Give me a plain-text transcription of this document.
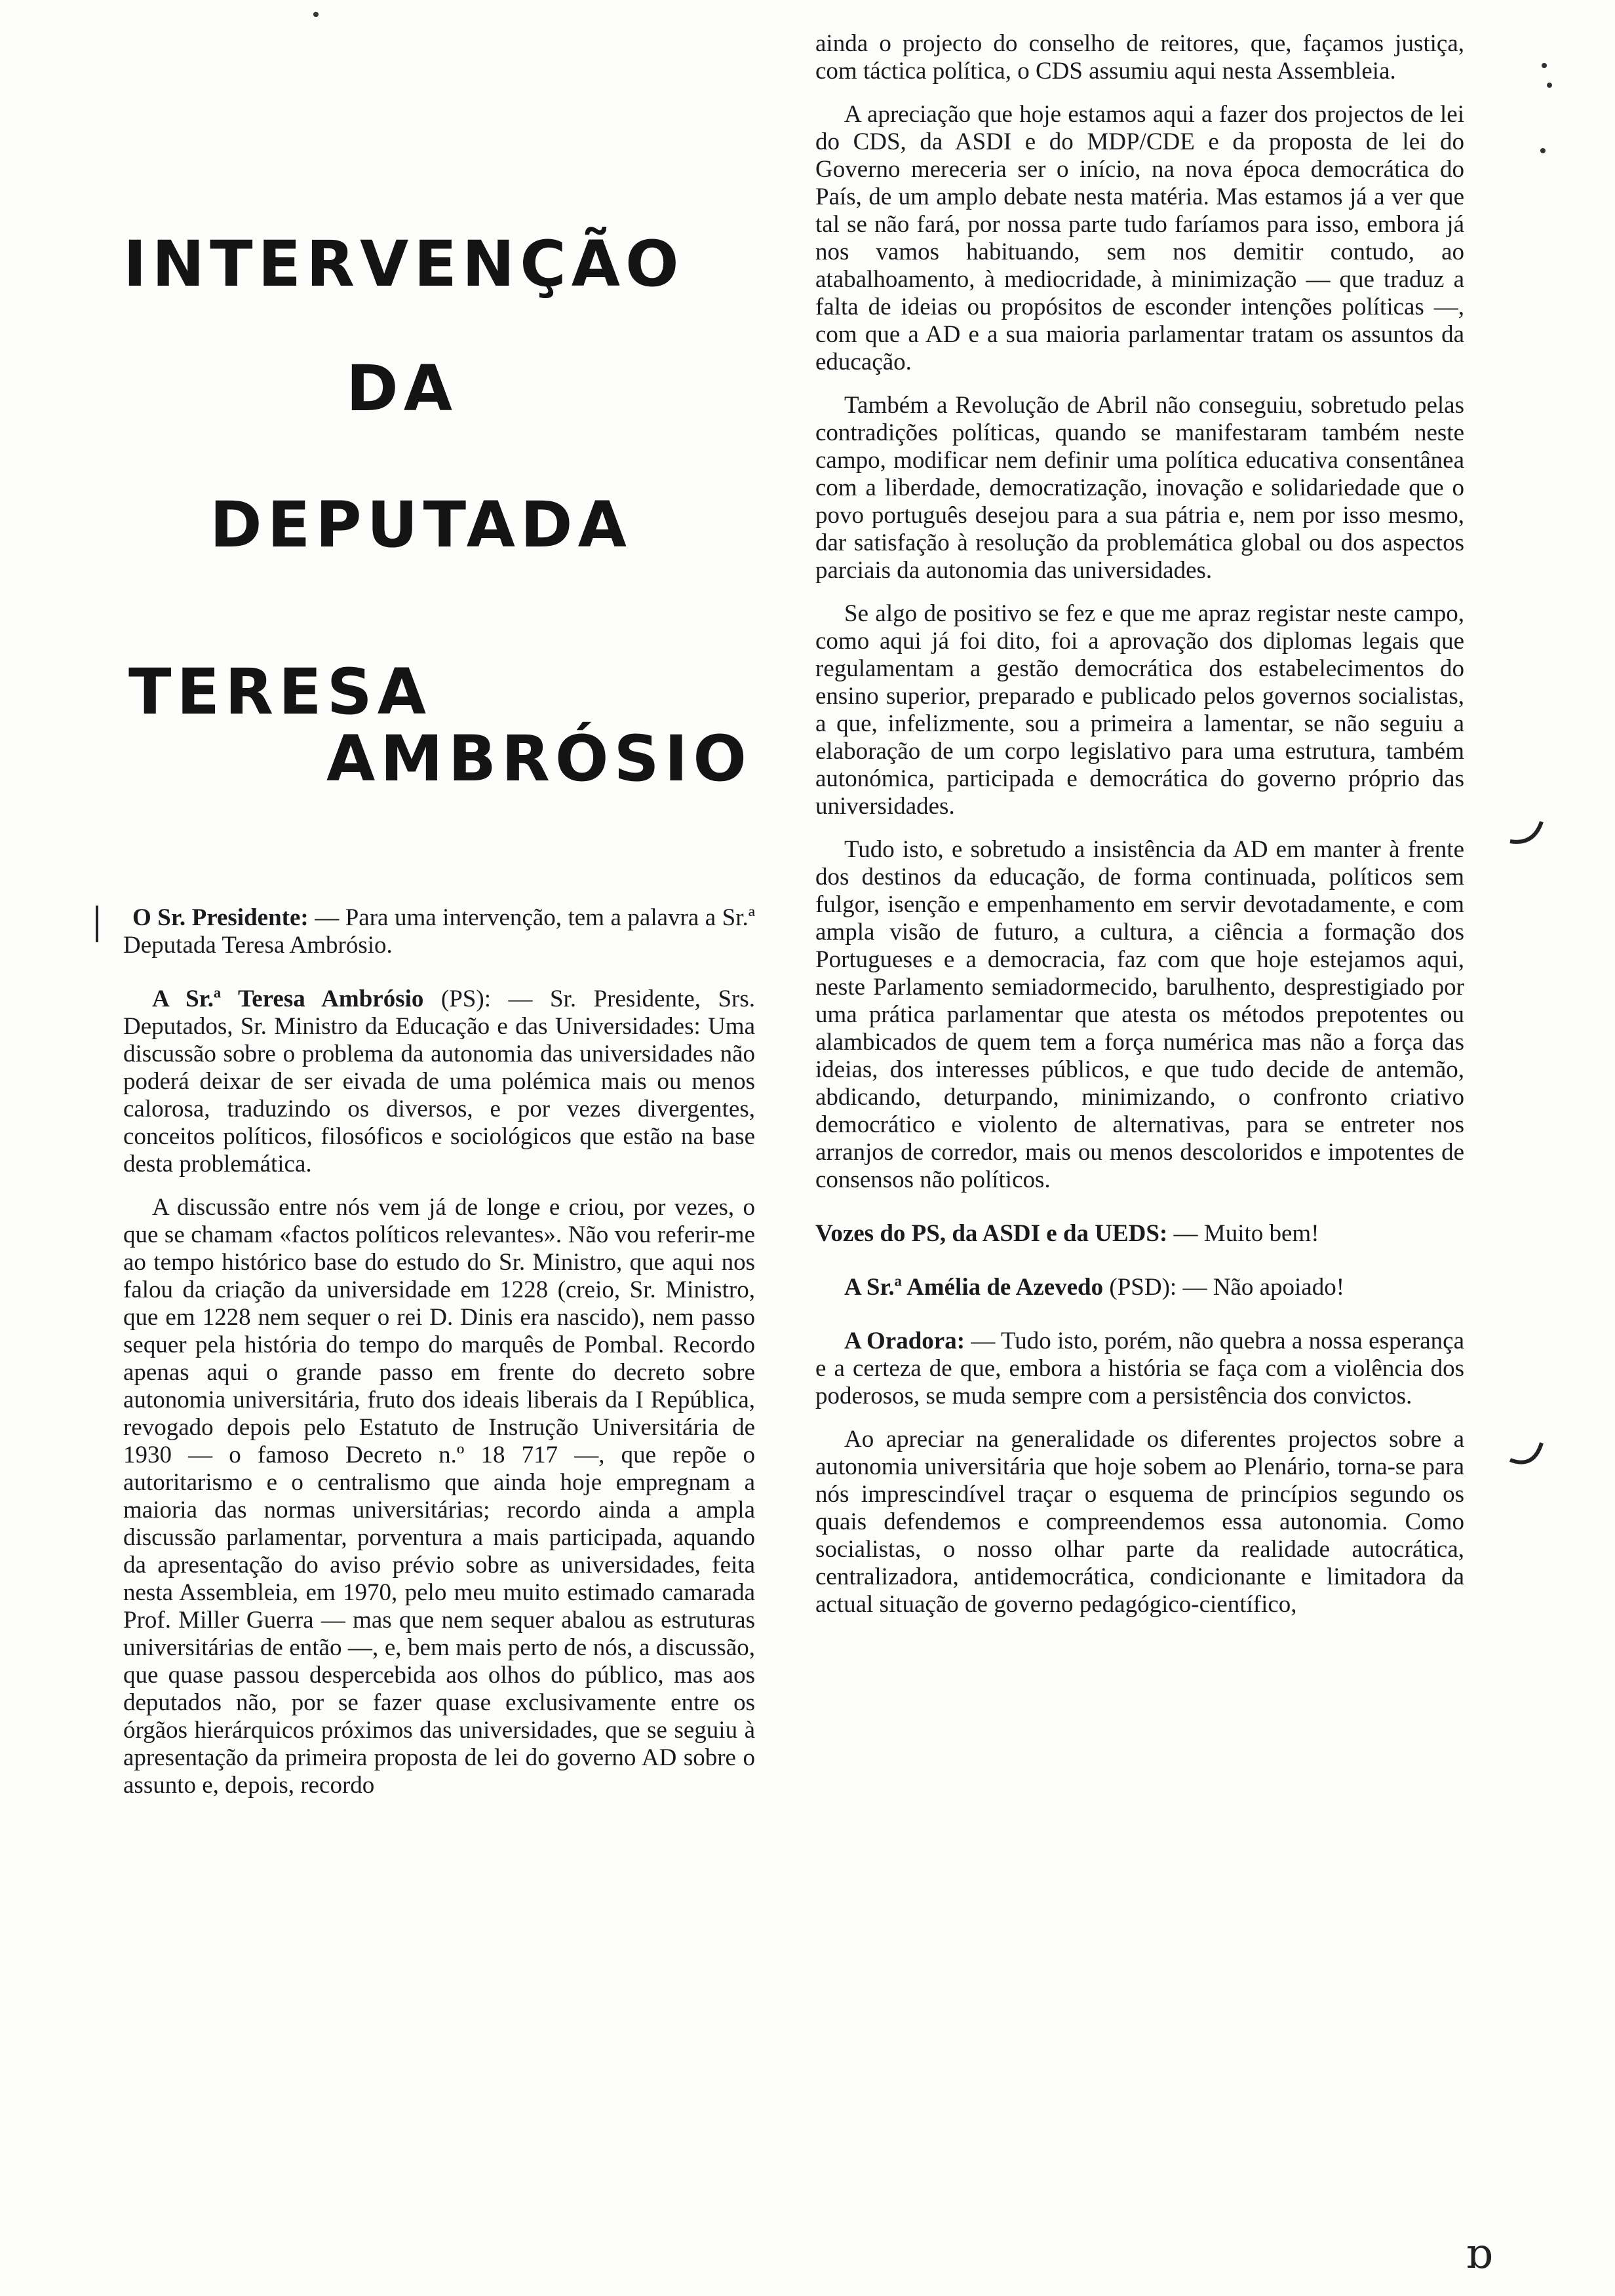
INTERVENÇÃO
DA
DEPUTADA
TERESA
AMBRÓSIO

O Sr. Presidente: — Para uma intervenção, tem a palavra a Sr.ª Deputada Teresa Ambrósio.

A Sr.ª Teresa Ambrósio (PS): — Sr. Presidente, Srs. Deputados, Sr. Ministro da Educação e das Universidades: Uma discussão sobre o problema da autonomia das universidades não poderá deixar de ser eivada de uma polémica mais ou menos calorosa, traduzindo os diversos, e por vezes divergentes, conceitos políticos, filosóficos e sociológicos que estão na base desta problemática.

A discussão entre nós vem já de longe e criou, por vezes, o que se chamam «factos políticos relevantes». Não vou referir-me ao tempo histórico base do estudo do Sr. Ministro, que aqui nos falou da criação da universidade em 1228 (creio, Sr. Ministro, que em 1228 nem sequer o rei D. Dinis era nascido), nem passo sequer pela história do tempo do marquês de Pombal. Recordo apenas aqui o grande passo em frente do decreto sobre autonomia universitária, fruto dos ideais liberais da I República, revogado depois pelo Estatuto de Instrução Universitária de 1930 — o famoso Decreto n.º 18 717 —, que repõe o autoritarismo e o centralismo que ainda hoje empregnam a maioria das normas universitárias; recordo ainda a ampla discussão parlamentar, porventura a mais participada, aquando da apresentação do aviso prévio sobre as universidades, feita nesta Assembleia, em 1970, pelo meu muito estimado camarada Prof. Miller Guerra — mas que nem sequer abalou as estruturas universitárias de então —, e, bem mais perto de nós, a discussão, que quase passou despercebida aos olhos do público, mas aos deputados não, por se fazer quase exclusivamente entre os órgãos hierárquicos próximos das universidades, que se seguiu à apresentação da primeira proposta de lei do governo AD sobre o assunto e, depois, recordo

ainda o projecto do conselho de reitores, que, façamos justiça, com táctica política, o CDS assumiu aqui nesta Assembleia.

A apreciação que hoje estamos aqui a fazer dos projectos de lei do CDS, da ASDI e do MDP/CDE e da proposta de lei do Governo mereceria ser o início, na nova época democrática do País, de um amplo debate nesta matéria. Mas estamos já a ver que tal se não fará, por nossa parte tudo faríamos para isso, embora já nos vamos habituando, sem nos demitir contudo, ao atabalhoamento, à mediocridade, à minimização — que traduz a falta de ideias ou propósitos de esconder intenções políticas —, com que a AD e a sua maioria parlamentar tratam os assuntos da educação.

Também a Revolução de Abril não conseguiu, sobretudo pelas contradições políticas, quando se manifestaram também neste campo, modificar nem definir uma política educativa consentânea com a liberdade, democratização, inovação e solidariedade que o povo português desejou para a sua pátria e, nem por isso mesmo, dar satisfação à resolução da problemática global ou dos aspectos parciais da autonomia das universidades.

Se algo de positivo se fez e que me apraz registar neste campo, como aqui já foi dito, foi a aprovação dos diplomas legais que regulamentam a gestão democrática dos estabelecimentos do ensino superior, preparado e publicado pelos governos socialistas, a que, infelizmente, sou a primeira a lamentar, se não seguiu a elaboração de um corpo legislativo para uma estrutura, também autonómica, participada e democrática do governo próprio das universidades.

Tudo isto, e sobretudo a insistência da AD em manter à frente dos destinos da educação, de forma continuada, políticos sem fulgor, isenção e empenhamento em servir devotadamente, e com ampla visão de futuro, a cultura, a ciência a formação dos Portugueses e a democracia, faz com que hoje estejamos aqui, neste Parlamento semiadormecido, barulhento, desprestigiado por uma prática parlamentar que atesta os métodos prepotentes ou alambicados de quem tem a força numérica mas não a força das ideias, dos interesses públicos, e que tudo decide de antemão, abdicando, deturpando, minimizando, o confronto criativo democrático e violento de alternativas, para se entreter nos arranjos de corredor, mais ou menos descoloridos e impotentes de consensos não políticos.

Vozes do PS, da ASDI e da UEDS: — Muito bem!

A Sr.ª Amélia de Azevedo (PSD): — Não apoiado!

A Oradora: — Tudo isto, porém, não quebra a nossa esperança e a certeza de que, embora a história se faça com a violência dos poderosos, se muda sempre com a persistência dos convictos.

Ao apreciar na generalidade os diferentes projectos sobre a autonomia universitária que hoje sobem ao Plenário, torna-se para nós imprescindível traçar o esquema de princípios segundo os quais defendemos e compreendemos essa autonomia. Como socialistas, o nosso olhar parte da realidade autocrática, centralizadora, antidemocrática, condicionante e limitadora da actual situação de governo pedagógico-científico,

ɒ
